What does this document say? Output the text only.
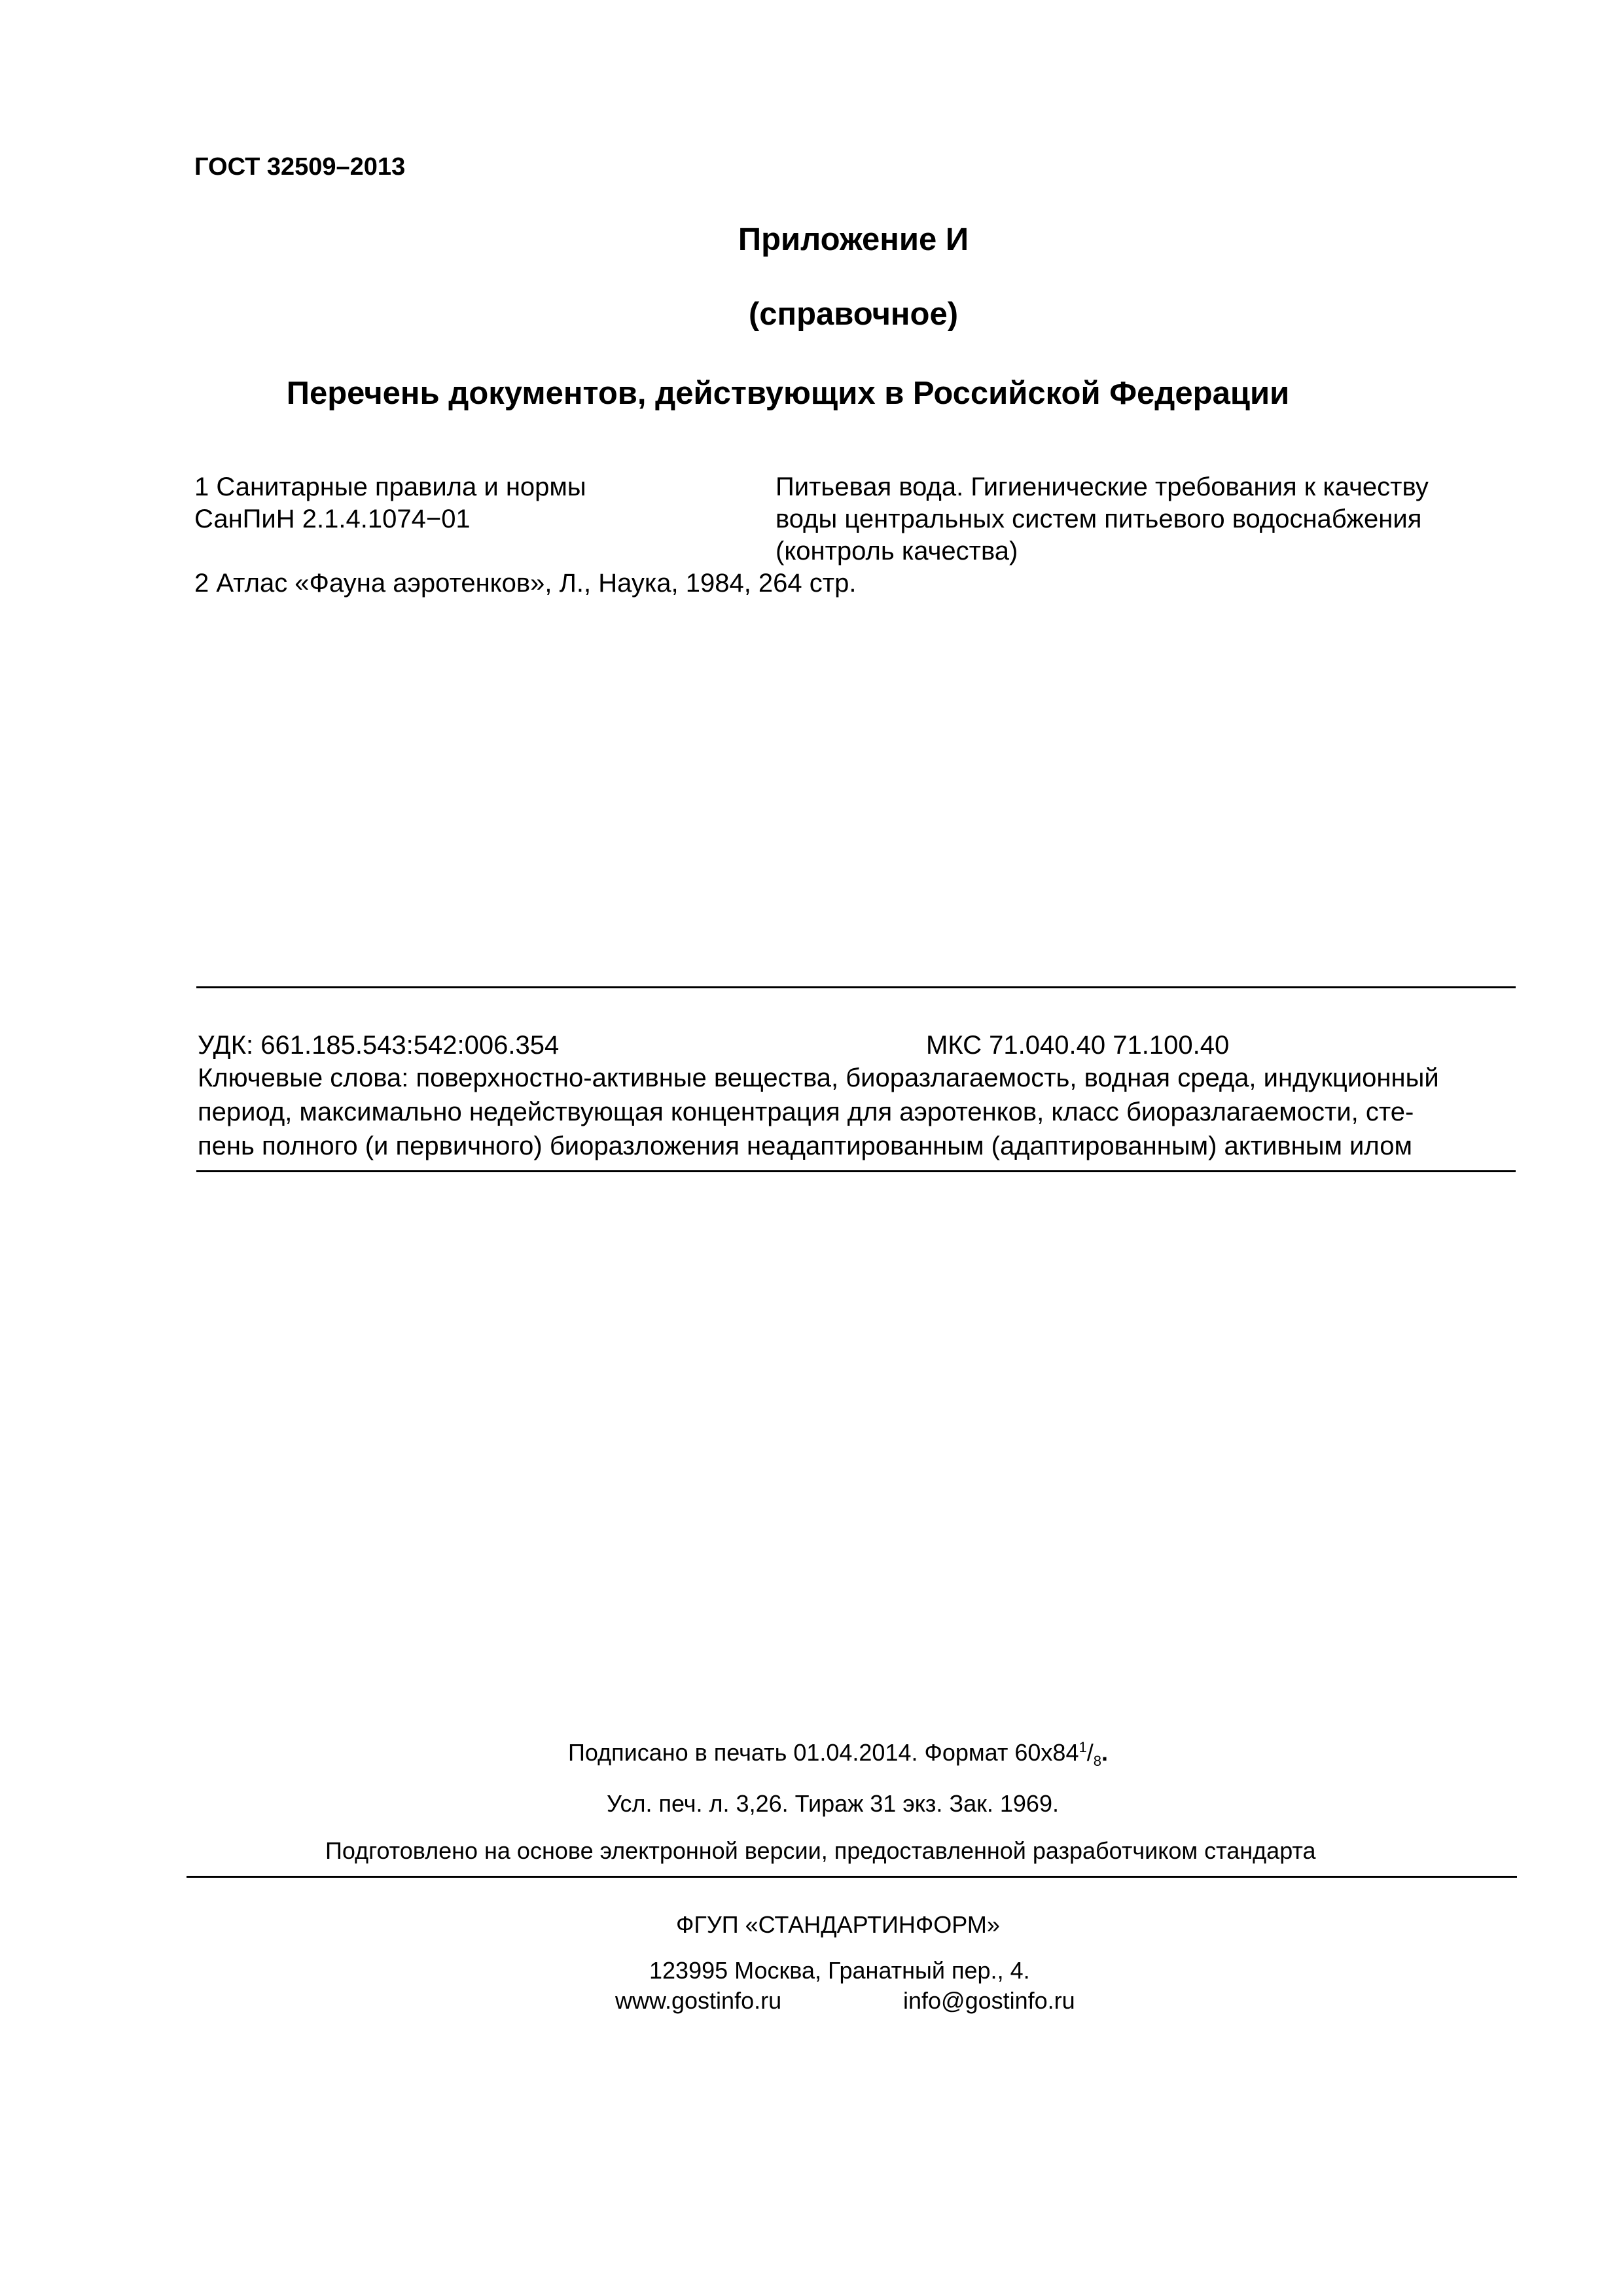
ГОСТ 32509–2013
Приложение И
(справочное)
Перечень документов, действующих в Российской Федерации
1 Санитарные правила и нормы
СанПиН 2.1.4.1074−01
Питьевая вода. Гигиенические требования к качеству
воды центральных систем питьевого водоснабжения
(контроль качества)
2 Атлас «Фауна аэротенков», Л., Наука, 1984, 264 стр.
УДК: 661.185.543:542:006.354	МКС 71.040.40 71.100.40
Ключевые слова: поверхностно-активные вещества, биоразлагаемость, водная среда, индукционный
период, максимально недействующая концентрация для аэротенков, класс биоразлагаемости, сте-
пень полного (и первичного) биоразложения неадаптированным (адаптированным) активным илом
Подписано в печать 01.04.2014. Формат $60x84^1/_8$.
Усл. печ. л. 3,26. Тираж 31 экз. Зак. 1969.
Подготовлено на основе электронной версии, предоставленной разработчиком стандарта
ФГУП «СТАНДАРТИНФОРМ»
123995 Москва, Гранатный пер., 4.
www.gostinfo.ru	info@gostinfo.ru
